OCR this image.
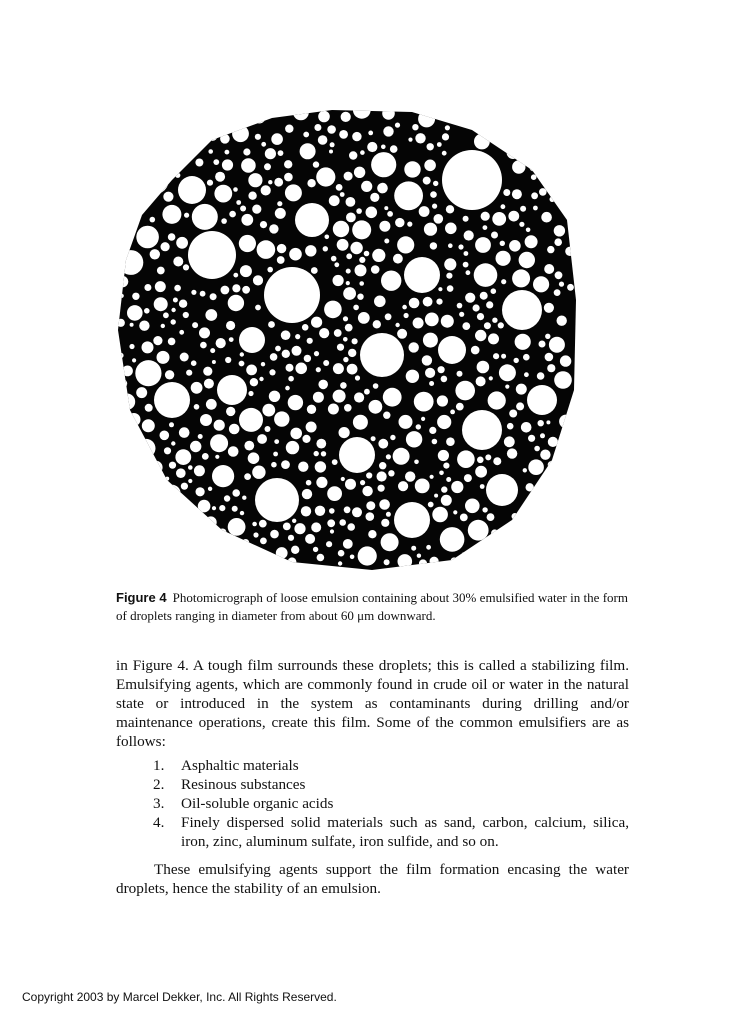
Figure 4 Photomicrograph of loose emulsion containing about 30% emulsified water in the form of droplets ranging in diameter from about 60 μm downward.

in Figure 4. A tough film surrounds these droplets; this is called a stabilizing film. Emulsifying agents, which are commonly found in crude oil or water in the natural state or introduced in the system as contaminants during drilling and/or maintenance operations, create this film. Some of the common emulsifiers are as follows:

1. Asphaltic materials
2. Resinous substances
3. Oil-soluble organic acids
4. Finely dispersed solid materials such as sand, carbon, calcium, silica, iron, zinc, aluminum sulfate, iron sulfide, and so on.

These emulsifying agents support the film formation encasing the water droplets, hence the stability of an emulsion.

Copyright 2003 by Marcel Dekker, Inc. All Rights Reserved.
